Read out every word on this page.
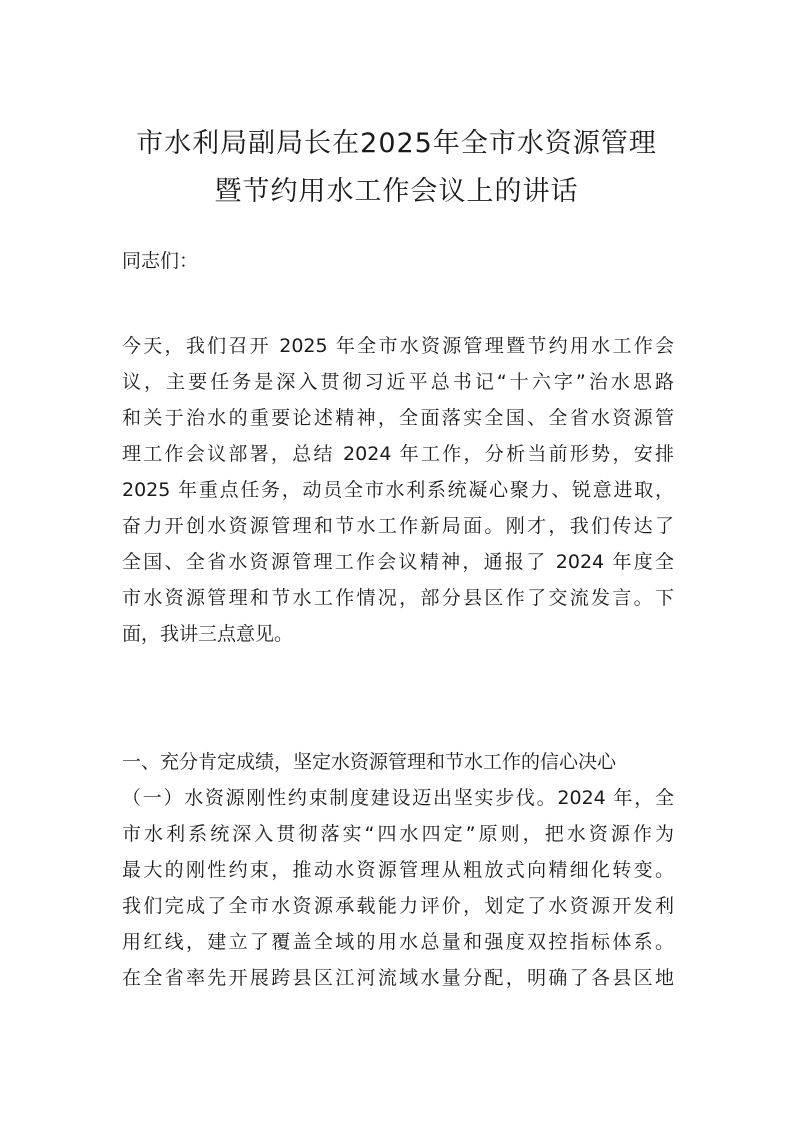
市水利局副局长在2025年全市水资源管理
暨节约用水工作会议上的讲话
同志们：
今天，我们召开 2025 年全市水资源管理暨节约用水工作会
议，主要任务是深入贯彻习近平总书记“十六字”治水思路
和关于治水的重要论述精神，全面落实全国、全省水资源管
理工作会议部署，总结 2024 年工作，分析当前形势，安排
2025 年重点任务，动员全市水利系统凝心聚力、锐意进取，
奋力开创水资源管理和节水工作新局面。刚才，我们传达了
全国、全省水资源管理工作会议精神，通报了 2024 年度全
市水资源管理和节水工作情况，部分县区作了交流发言。下
面，我讲三点意见。
一、充分肯定成绩，坚定水资源管理和节水工作的信心决心
（一）水资源刚性约束制度建设迈出坚实步伐。2024 年，全
市水利系统深入贯彻落实“四水四定”原则，把水资源作为
最大的刚性约束，推动水资源管理从粗放式向精细化转变。
我们完成了全市水资源承载能力评价，划定了水资源开发利
用红线，建立了覆盖全域的用水总量和强度双控指标体系。
在全省率先开展跨县区江河流域水量分配，明确了各县区地
